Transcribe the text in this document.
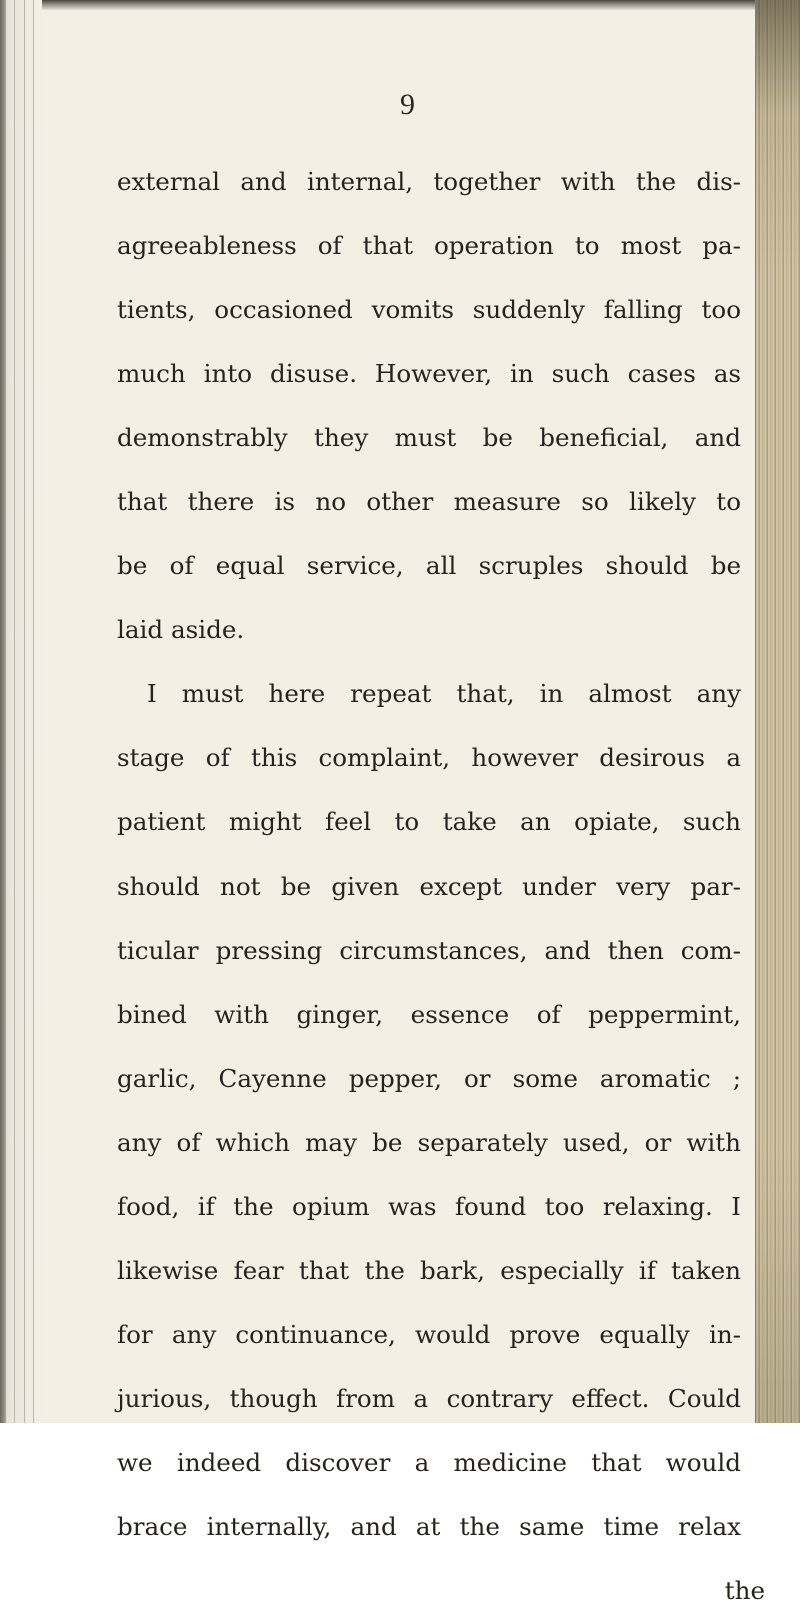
9
external and internal, together with the dis-
agreeableness of that operation to most pa-
tients, occasioned vomits suddenly falling too
much into disuse. However, in such cases as
demonstrably they must be beneficial, and
that there is no other measure so likely to
be of equal service, all scruples should be
laid aside.
I must here repeat that, in almost any
stage of this complaint, however desirous a
patient might feel to take an opiate, such
should not be given except under very par-
ticular pressing circumstances, and then com-
bined with ginger, essence of peppermint,
garlic, Cayenne pepper, or some aromatic ;
any of which may be separately used, or with
food, if the opium was found too relaxing. I
likewise fear that the bark, especially if taken
for any continuance, would prove equally in-
jurious, though from a contrary effect. Could
we indeed discover a medicine that would
brace internally, and at the same time relax
the
